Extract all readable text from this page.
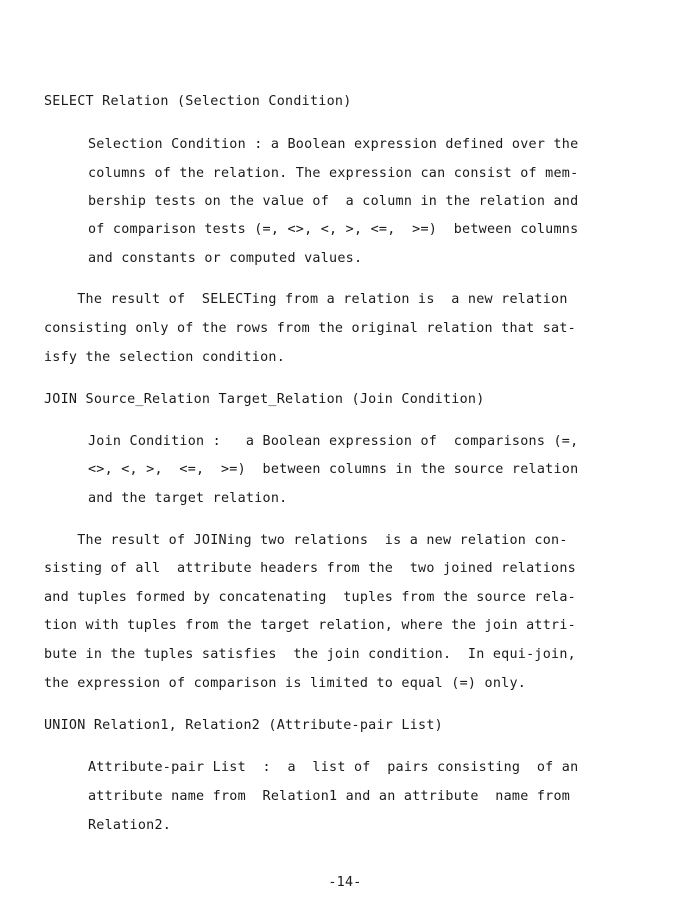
SELECT Relation (Selection Condition)
Selection Condition : a Boolean expression defined over the
columns of the relation. The expression can consist of mem-
bership tests on the value of  a column in the relation and
of comparison tests (=, <>, <, >, <=,  >=)  between columns
and constants or computed values.
The result of  SELECTing from a relation is  a new relation
consisting only of the rows from the original relation that sat-
isfy the selection condition.
JOIN Source_Relation Target_Relation (Join Condition)
Join Condition :   a Boolean expression of  comparisons (=,
<>, <, >,  <=,  >=)  between columns in the source relation
and the target relation.
The result of JOINing two relations  is a new relation con-
sisting of all  attribute headers from the  two joined relations
and tuples formed by concatenating  tuples from the source rela-
tion with tuples from the target relation, where the join attri-
bute in the tuples satisfies  the join condition.  In equi-join,
the expression of comparison is limited to equal (=) only.
UNION Relation1, Relation2 (Attribute-pair List)
Attribute-pair List  :  a  list of  pairs consisting  of an
attribute name from  Relation1 and an attribute  name from
Relation2.
-14-
